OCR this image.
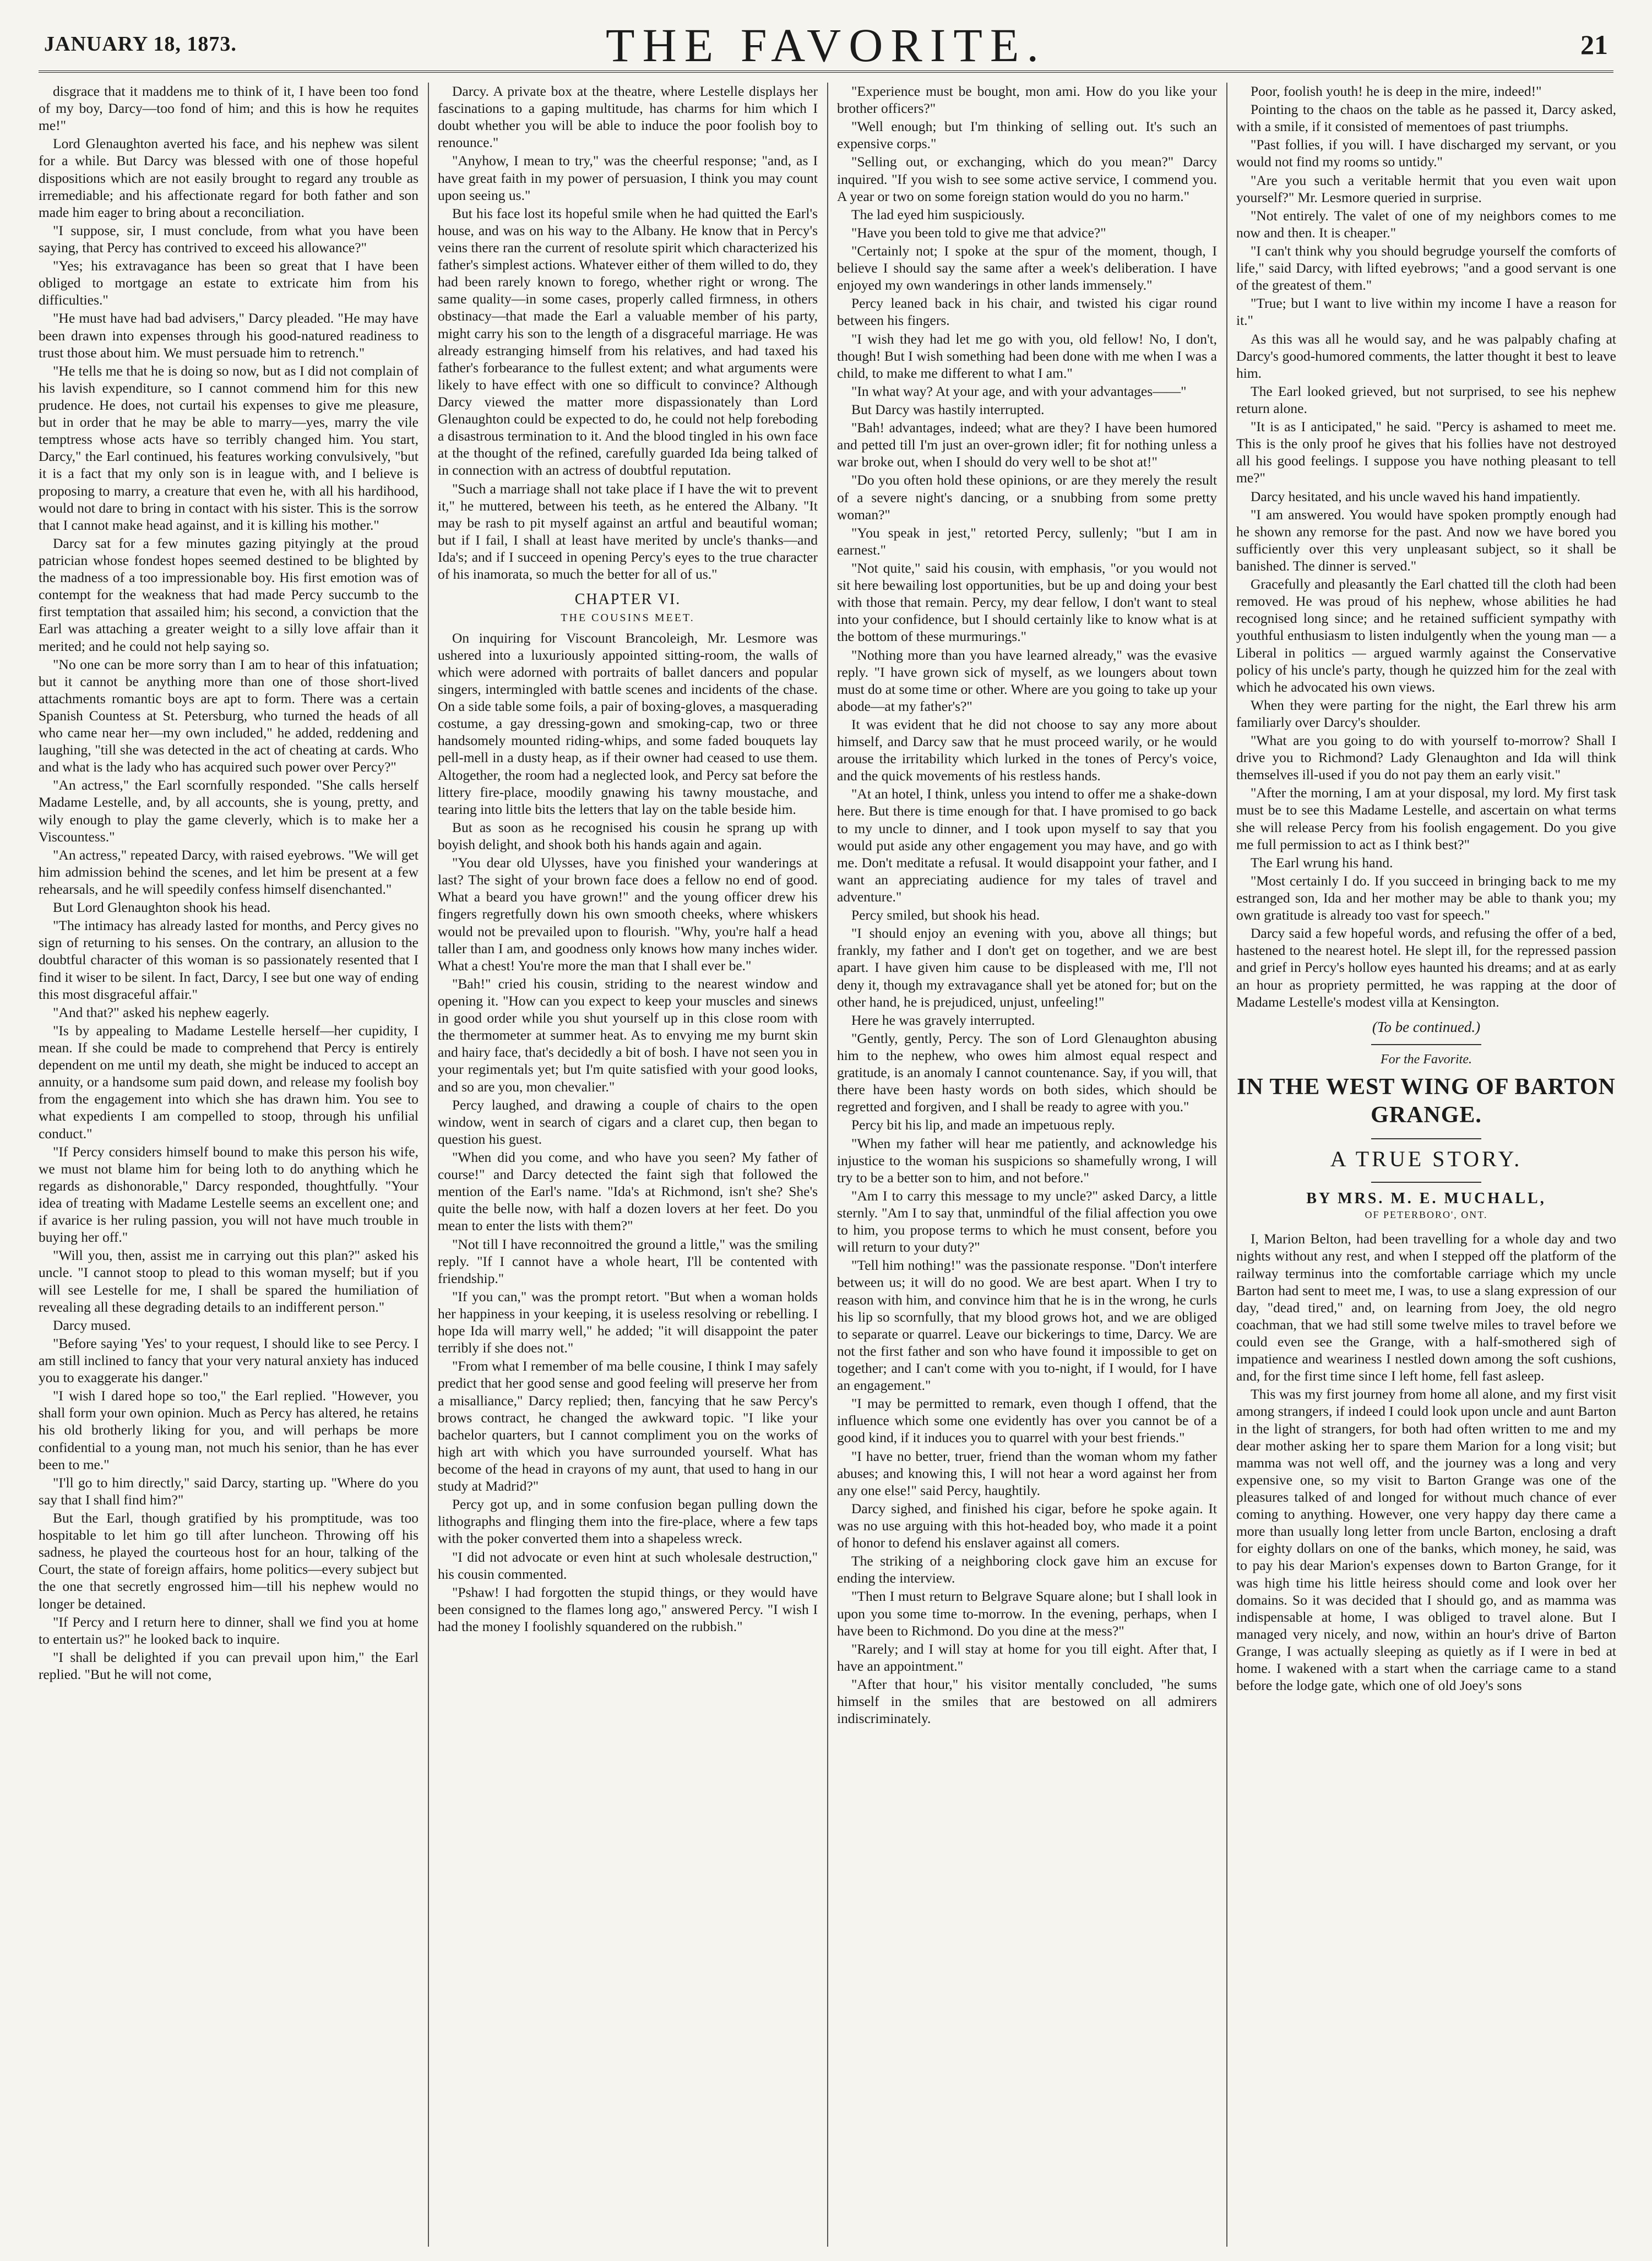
JANUARY 18, 1873.	THE FAVORITE.	21

disgrace that it maddens me to think of it, I have been too fond of my boy, Darcy—too fond of him; and this is how he requites me!"

Lord Glenaughton averted his face, and his nephew was silent for a while. But Darcy was blessed with one of those hopeful dispositions which are not easily brought to regard any trouble as irremediable; and his affectionate regard for both father and son made him eager to bring about a reconciliation.

"I suppose, sir, I must conclude, from what you have been saying, that Percy has contrived to exceed his allowance?"

"Yes; his extravagance has been so great that I have been obliged to mortgage an estate to extricate him from his difficulties."

"He must have had bad advisers," Darcy pleaded. "He may have been drawn into expenses through his good-natured readiness to trust those about him. We must persuade him to retrench."

"He tells me that he is doing so now, but as I did not complain of his lavish expenditure, so I cannot commend him for this new prudence. He does, not curtail his expenses to give me pleasure, but in order that he may be able to marry—yes, marry the vile temptress whose acts have so terribly changed him. You start, Darcy," the Earl continued, his features working convulsively, "but it is a fact that my only son is in league with, and I believe is proposing to marry, a creature that even he, with all his hardihood, would not dare to bring in contact with his sister. This is the sorrow that I cannot make head against, and it is killing his mother."

Darcy sat for a few minutes gazing pityingly at the proud patrician whose fondest hopes seemed destined to be blighted by the madness of a too impressionable boy. His first emotion was of contempt for the weakness that had made Percy succumb to the first temptation that assailed him; his second, a conviction that the Earl was attaching a greater weight to a silly love affair than it merited; and he could not help saying so.

"No one can be more sorry than I am to hear of this infatuation; but it cannot be anything more than one of those short-lived attachments romantic boys are apt to form. There was a certain Spanish Countess at St. Petersburg, who turned the heads of all who came near her—my own included," he added, reddening and laughing, "till she was detected in the act of cheating at cards. Who and what is the lady who has acquired such power over Percy?"

"An actress," the Earl scornfully responded. "She calls herself Madame Lestelle, and, by all accounts, she is young, pretty, and wily enough to play the game cleverly, which is to make her a Viscountess."

"An actress," repeated Darcy, with raised eyebrows. "We will get him admission behind the scenes, and let him be present at a few rehearsals, and he will speedily confess himself disenchanted."

But Lord Glenaughton shook his head.

"The intimacy has already lasted for months, and Percy gives no sign of returning to his senses. On the contrary, an allusion to the doubtful character of this woman is so passionately resented that I find it wiser to be silent. In fact, Darcy, I see but one way of ending this most disgraceful affair."

"And that?" asked his nephew eagerly.

"Is by appealing to Madame Lestelle herself—her cupidity, I mean. If she could be made to comprehend that Percy is entirely dependent on me until my death, she might be induced to accept an annuity, or a handsome sum paid down, and release my foolish boy from the engagement into which she has drawn him. You see to what expedients I am compelled to stoop, through his unfilial conduct."

"If Percy considers himself bound to make this person his wife, we must not blame him for being loth to do anything which he regards as dishonorable," Darcy responded, thoughtfully. "Your idea of treating with Madame Lestelle seems an excellent one; and if avarice is her ruling passion, you will not have much trouble in buying her off."

"Will you, then, assist me in carrying out this plan?" asked his uncle. "I cannot stoop to plead to this woman myself; but if you will see Lestelle for me, I shall be spared the humiliation of revealing all these degrading details to an indifferent person."

Darcy mused.

"Before saying 'Yes' to your request, I should like to see Percy. I am still inclined to fancy that your very natural anxiety has induced you to exaggerate his danger."

"I wish I dared hope so too," the Earl replied. "However, you shall form your own opinion. Much as Percy has altered, he retains his old brotherly liking for you, and will perhaps be more confidential to a young man, not much his senior, than he has ever been to me."

"I'll go to him directly," said Darcy, starting up. "Where do you say that I shall find him?"

But the Earl, though gratified by his promptitude, was too hospitable to let him go till after luncheon. Throwing off his sadness, he played the courteous host for an hour, talking of the Court, the state of foreign affairs, home politics—every subject but the one that secretly engrossed him—till his nephew would no longer be detained.

"If Percy and I return here to dinner, shall we find you at home to entertain us?" he looked back to inquire.

"I shall be delighted if you can prevail upon him," the Earl replied. "But he will not come,

Darcy. A private box at the theatre, where Lestelle displays her fascinations to a gaping multitude, has charms for him which I doubt whether you will be able to induce the poor foolish boy to renounce."

"Anyhow, I mean to try," was the cheerful response; "and, as I have great faith in my power of persuasion, I think you may count upon seeing us."

But his face lost its hopeful smile when he had quitted the Earl's house, and was on his way to the Albany. He know that in Percy's veins there ran the current of resolute spirit which characterized his father's simplest actions. Whatever either of them willed to do, they had been rarely known to forego, whether right or wrong. The same quality—in some cases, properly called firmness, in others obstinacy—that made the Earl a valuable member of his party, might carry his son to the length of a disgraceful marriage. He was already estranging himself from his relatives, and had taxed his father's forbearance to the fullest extent; and what arguments were likely to have effect with one so difficult to convince? Although Darcy viewed the matter more dispassionately than Lord Glenaughton could be expected to do, he could not help foreboding a disastrous termination to it. And the blood tingled in his own face at the thought of the refined, carefully guarded Ida being talked of in connection with an actress of doubtful reputation.

"Such a marriage shall not take place if I have the wit to prevent it," he muttered, between his teeth, as he entered the Albany. "It may be rash to pit myself against an artful and beautiful woman; but if I fail, I shall at least have merited by uncle's thanks—and Ida's; and if I succeed in opening Percy's eyes to the true character of his inamorata, so much the better for all of us."

CHAPTER VI.
THE COUSINS MEET.

On inquiring for Viscount Brancoleigh, Mr. Lesmore was ushered into a luxuriously appointed sitting-room, the walls of which were adorned with portraits of ballet dancers and popular singers, intermingled with battle scenes and incidents of the chase. On a side table some foils, a pair of boxing-gloves, a masquerading costume, a gay dressing-gown and smoking-cap, two or three handsomely mounted riding-whips, and some faded bouquets lay pell-mell in a dusty heap, as if their owner had ceased to use them. Altogether, the room had a neglected look, and Percy sat before the littery fire-place, moodily gnawing his tawny moustache, and tearing into little bits the letters that lay on the table beside him.

But as soon as he recognised his cousin he sprang up with boyish delight, and shook both his hands again and again.

"You dear old Ulysses, have you finished your wanderings at last? The sight of your brown face does a fellow no end of good. What a beard you have grown!" and the young officer drew his fingers regretfully down his own smooth cheeks, where whiskers would not be prevailed upon to flourish. "Why, you're half a head taller than I am, and goodness only knows how many inches wider. What a chest! You're more the man that I shall ever be."

"Bah!" cried his cousin, striding to the nearest window and opening it. "How can you expect to keep your muscles and sinews in good order while you shut yourself up in this close room with the thermometer at summer heat. As to envying me my burnt skin and hairy face, that's decidedly a bit of bosh. I have not seen you in your regimentals yet; but I'm quite satisfied with your good looks, and so are you, mon chevalier."

Percy laughed, and drawing a couple of chairs to the open window, went in search of cigars and a claret cup, then began to question his guest.

"When did you come, and who have you seen? My father of course!" and Darcy detected the faint sigh that followed the mention of the Earl's name. "Ida's at Richmond, isn't she? She's quite the belle now, with half a dozen lovers at her feet. Do you mean to enter the lists with them?"

"Not till I have reconnoitred the ground a little," was the smiling reply. "If I cannot have a whole heart, I'll be contented with friendship."

"If you can," was the prompt retort. "But when a woman holds her happiness in your keeping, it is useless resolving or rebelling. I hope Ida will marry well," he added; "it will disappoint the pater terribly if she does not."

"From what I remember of ma belle cousine, I think I may safely predict that her good sense and good feeling will preserve her from a misalliance," Darcy replied; then, fancying that he saw Percy's brows contract, he changed the awkward topic. "I like your bachelor quarters, but I cannot compliment you on the works of high art with which you have surrounded yourself. What has become of the head in crayons of my aunt, that used to hang in our study at Madrid?"

Percy got up, and in some confusion began pulling down the lithographs and flinging them into the fire-place, where a few taps with the poker converted them into a shapeless wreck.

"I did not advocate or even hint at such wholesale destruction," his cousin commented.

"Pshaw! I had forgotten the stupid things, or they would have been consigned to the flames long ago," answered Percy. "I wish I had the money I foolishly squandered on the rubbish."

"Experience must be bought, mon ami. How do you like your brother officers?"

"Well enough; but I'm thinking of selling out. It's such an expensive corps."

"Selling out, or exchanging, which do you mean?" Darcy inquired. "If you wish to see some active service, I commend you. A year or two on some foreign station would do you no harm."

The lad eyed him suspiciously.

"Have you been told to give me that advice?"

"Certainly not; I spoke at the spur of the moment, though, I believe I should say the same after a week's deliberation. I have enjoyed my own wanderings in other lands immensely."

Percy leaned back in his chair, and twisted his cigar round between his fingers.

"I wish they had let me go with you, old fellow! No, I don't, though! But I wish something had been done with me when I was a child, to make me different to what I am."

"In what way? At your age, and with your advantages——"

But Darcy was hastily interrupted.

"Bah! advantages, indeed; what are they? I have been humored and petted till I'm just an over-grown idler; fit for nothing unless a war broke out, when I should do very well to be shot at!"

"Do you often hold these opinions, or are they merely the result of a severe night's dancing, or a snubbing from some pretty woman?"

"You speak in jest," retorted Percy, sullenly; "but I am in earnest."

"Not quite," said his cousin, with emphasis, "or you would not sit here bewailing lost opportunities, but be up and doing your best with those that remain. Percy, my dear fellow, I don't want to steal into your confidence, but I should certainly like to know what is at the bottom of these murmurings."

"Nothing more than you have learned already," was the evasive reply. "I have grown sick of myself, as we loungers about town must do at some time or other. Where are you going to take up your abode—at my father's?"

It was evident that he did not choose to say any more about himself, and Darcy saw that he must proceed warily, or he would arouse the irritability which lurked in the tones of Percy's voice, and the quick movements of his restless hands.

"At an hotel, I think, unless you intend to offer me a shake-down here. But there is time enough for that. I have promised to go back to my uncle to dinner, and I took upon myself to say that you would put aside any other engagement you may have, and go with me. Don't meditate a refusal. It would disappoint your father, and I want an appreciating audience for my tales of travel and adventure."

Percy smiled, but shook his head.

"I should enjoy an evening with you, above all things; but frankly, my father and I don't get on together, and we are best apart. I have given him cause to be displeased with me, I'll not deny it, though my extravagance shall yet be atoned for; but on the other hand, he is prejudiced, unjust, unfeeling!"

Here he was gravely interrupted.

"Gently, gently, Percy. The son of Lord Glenaughton abusing him to the nephew, who owes him almost equal respect and gratitude, is an anomaly I cannot countenance. Say, if you will, that there have been hasty words on both sides, which should be regretted and forgiven, and I shall be ready to agree with you."

Percy bit his lip, and made an impetuous reply.

"When my father will hear me patiently, and acknowledge his injustice to the woman his suspicions so shamefully wrong, I will try to be a better son to him, and not before."

"Am I to carry this message to my uncle?" asked Darcy, a little sternly. "Am I to say that, unmindful of the filial affection you owe to him, you propose terms to which he must consent, before you will return to your duty?"

"Tell him nothing!" was the passionate response. "Don't interfere between us; it will do no good. We are best apart. When I try to reason with him, and convince him that he is in the wrong, he curls his lip so scornfully, that my blood grows hot, and we are obliged to separate or quarrel. Leave our bickerings to time, Darcy. We are not the first father and son who have found it impossible to get on together; and I can't come with you to-night, if I would, for I have an engagement."

"I may be permitted to remark, even though I offend, that the influence which some one evidently has over you cannot be of a good kind, if it induces you to quarrel with your best friends."

"I have no better, truer, friend than the woman whom my father abuses; and knowing this, I will not hear a word against her from any one else!" said Percy, haughtily.

Darcy sighed, and finished his cigar, before he spoke again. It was no use arguing with this hot-headed boy, who made it a point of honor to defend his enslaver against all comers.

The striking of a neighboring clock gave him an excuse for ending the interview.

"Then I must return to Belgrave Square alone; but I shall look in upon you some time to-morrow. In the evening, perhaps, when I have been to Richmond. Do you dine at the mess?"

"Rarely; and I will stay at home for you till eight. After that, I have an appointment."

"After that hour," his visitor mentally concluded, "he sums himself in the smiles that are bestowed on all admirers indiscriminately.

Poor, foolish youth! he is deep in the mire, indeed!"

Pointing to the chaos on the table as he passed it, Darcy asked, with a smile, if it consisted of mementoes of past triumphs.

"Past follies, if you will. I have discharged my servant, or you would not find my rooms so untidy."

"Are you such a veritable hermit that you even wait upon yourself?" Mr. Lesmore queried in surprise.

"Not entirely. The valet of one of my neighbors comes to me now and then. It is cheaper."

"I can't think why you should begrudge yourself the comforts of life," said Darcy, with lifted eyebrows; "and a good servant is one of the greatest of them."

"True; but I want to live within my income I have a reason for it."

As this was all he would say, and he was palpably chafing at Darcy's good-humored comments, the latter thought it best to leave him.

The Earl looked grieved, but not surprised, to see his nephew return alone.

"It is as I anticipated," he said. "Percy is ashamed to meet me. This is the only proof he gives that his follies have not destroyed all his good feelings. I suppose you have nothing pleasant to tell me?"

Darcy hesitated, and his uncle waved his hand impatiently.

"I am answered. You would have spoken promptly enough had he shown any remorse for the past. And now we have bored you sufficiently over this very unpleasant subject, so it shall be banished. The dinner is served."

Gracefully and pleasantly the Earl chatted till the cloth had been removed. He was proud of his nephew, whose abilities he had recognised long since; and he retained sufficient sympathy with youthful enthusiasm to listen indulgently when the young man — a Liberal in politics — argued warmly against the Conservative policy of his uncle's party, though he quizzed him for the zeal with which he advocated his own views.

When they were parting for the night, the Earl threw his arm familiarly over Darcy's shoulder.

"What are you going to do with yourself to-morrow? Shall I drive you to Richmond? Lady Glenaughton and Ida will think themselves ill-used if you do not pay them an early visit."

"After the morning, I am at your disposal, my lord. My first task must be to see this Madame Lestelle, and ascertain on what terms she will release Percy from his foolish engagement. Do you give me full permission to act as I think best?"

The Earl wrung his hand.

"Most certainly I do. If you succeed in bringing back to me my estranged son, Ida and her mother may be able to thank you; my own gratitude is already too vast for speech."

Darcy said a few hopeful words, and refusing the offer of a bed, hastened to the nearest hotel. He slept ill, for the repressed passion and grief in Percy's hollow eyes haunted his dreams; and at as early an hour as propriety permitted, he was rapping at the door of Madame Lestelle's modest villa at Kensington.

(To be continued.)
For the Favorite.
IN THE WEST WING OF BARTON GRANGE.
A TRUE STORY.
BY MRS. M. E. MUCHALL,
OF PETERBORO', ONT.

I, Marion Belton, had been travelling for a whole day and two nights without any rest, and when I stepped off the platform of the railway terminus into the comfortable carriage which my uncle Barton had sent to meet me, I was, to use a slang expression of our day, "dead tired," and, on learning from Joey, the old negro coachman, that we had still some twelve miles to travel before we could even see the Grange, with a half-smothered sigh of impatience and weariness I nestled down among the soft cushions, and, for the first time since I left home, fell fast asleep.

This was my first journey from home all alone, and my first visit among strangers, if indeed I could look upon uncle and aunt Barton in the light of strangers, for both had often written to me and my dear mother asking her to spare them Marion for a long visit; but mamma was not well off, and the journey was a long and very expensive one, so my visit to Barton Grange was one of the pleasures talked of and longed for without much chance of ever coming to anything. However, one very happy day there came a more than usually long letter from uncle Barton, enclosing a draft for eighty dollars on one of the banks, which money, he said, was to pay his dear Marion's expenses down to Barton Grange, for it was high time his little heiress should come and look over her domains. So it was decided that I should go, and as mamma was indispensable at home, I was obliged to travel alone. But I managed very nicely, and now, within an hour's drive of Barton Grange, I was actually sleeping as quietly as if I were in bed at home. I wakened with a start when the carriage came to a stand before the lodge gate, which one of old Joey's sons
